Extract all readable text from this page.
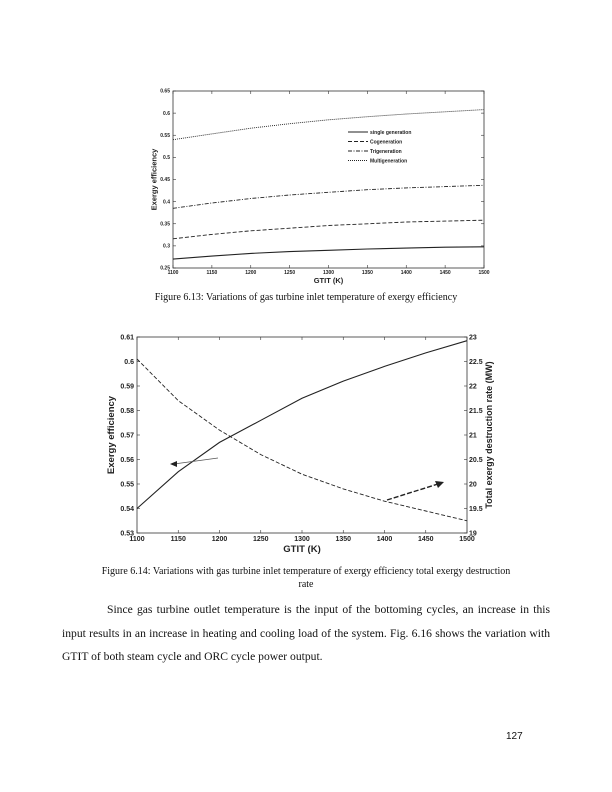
1100	1150	1200	1250	1300	1350	1400	1450	1500
0.25
0.3
0.35
0.4
0.45
0.5
0.55
0.6
0.65
GTIT (K)
Exergy efficiency
single generation
Cogeneration
Trigeneration
Multigeneration
1100	1150	1200	1250	1300	1350	1400	1450	1500
0.53
0.54
0.55
0.56
0.57
0.58
0.59
0.6
0.61
GTIT (K)
Exergy efficiency
19
19.5
20
20.5
21
21.5
22
22.5
23
Total exergy destruction rate (MW)
Figure 6.13: Variations of gas turbine inlet temperature of exergy efficiency
Figure 6.14: Variations with gas turbine inlet temperature of exergy efficiency total exergy destruction
rate
Since gas turbine outlet temperature is the input of the bottoming cycles, an increase in this input results in an increase in heating and cooling load of the system. Fig. 6.16 shows the variation with GTIT of both steam cycle and ORC cycle power output.
127
